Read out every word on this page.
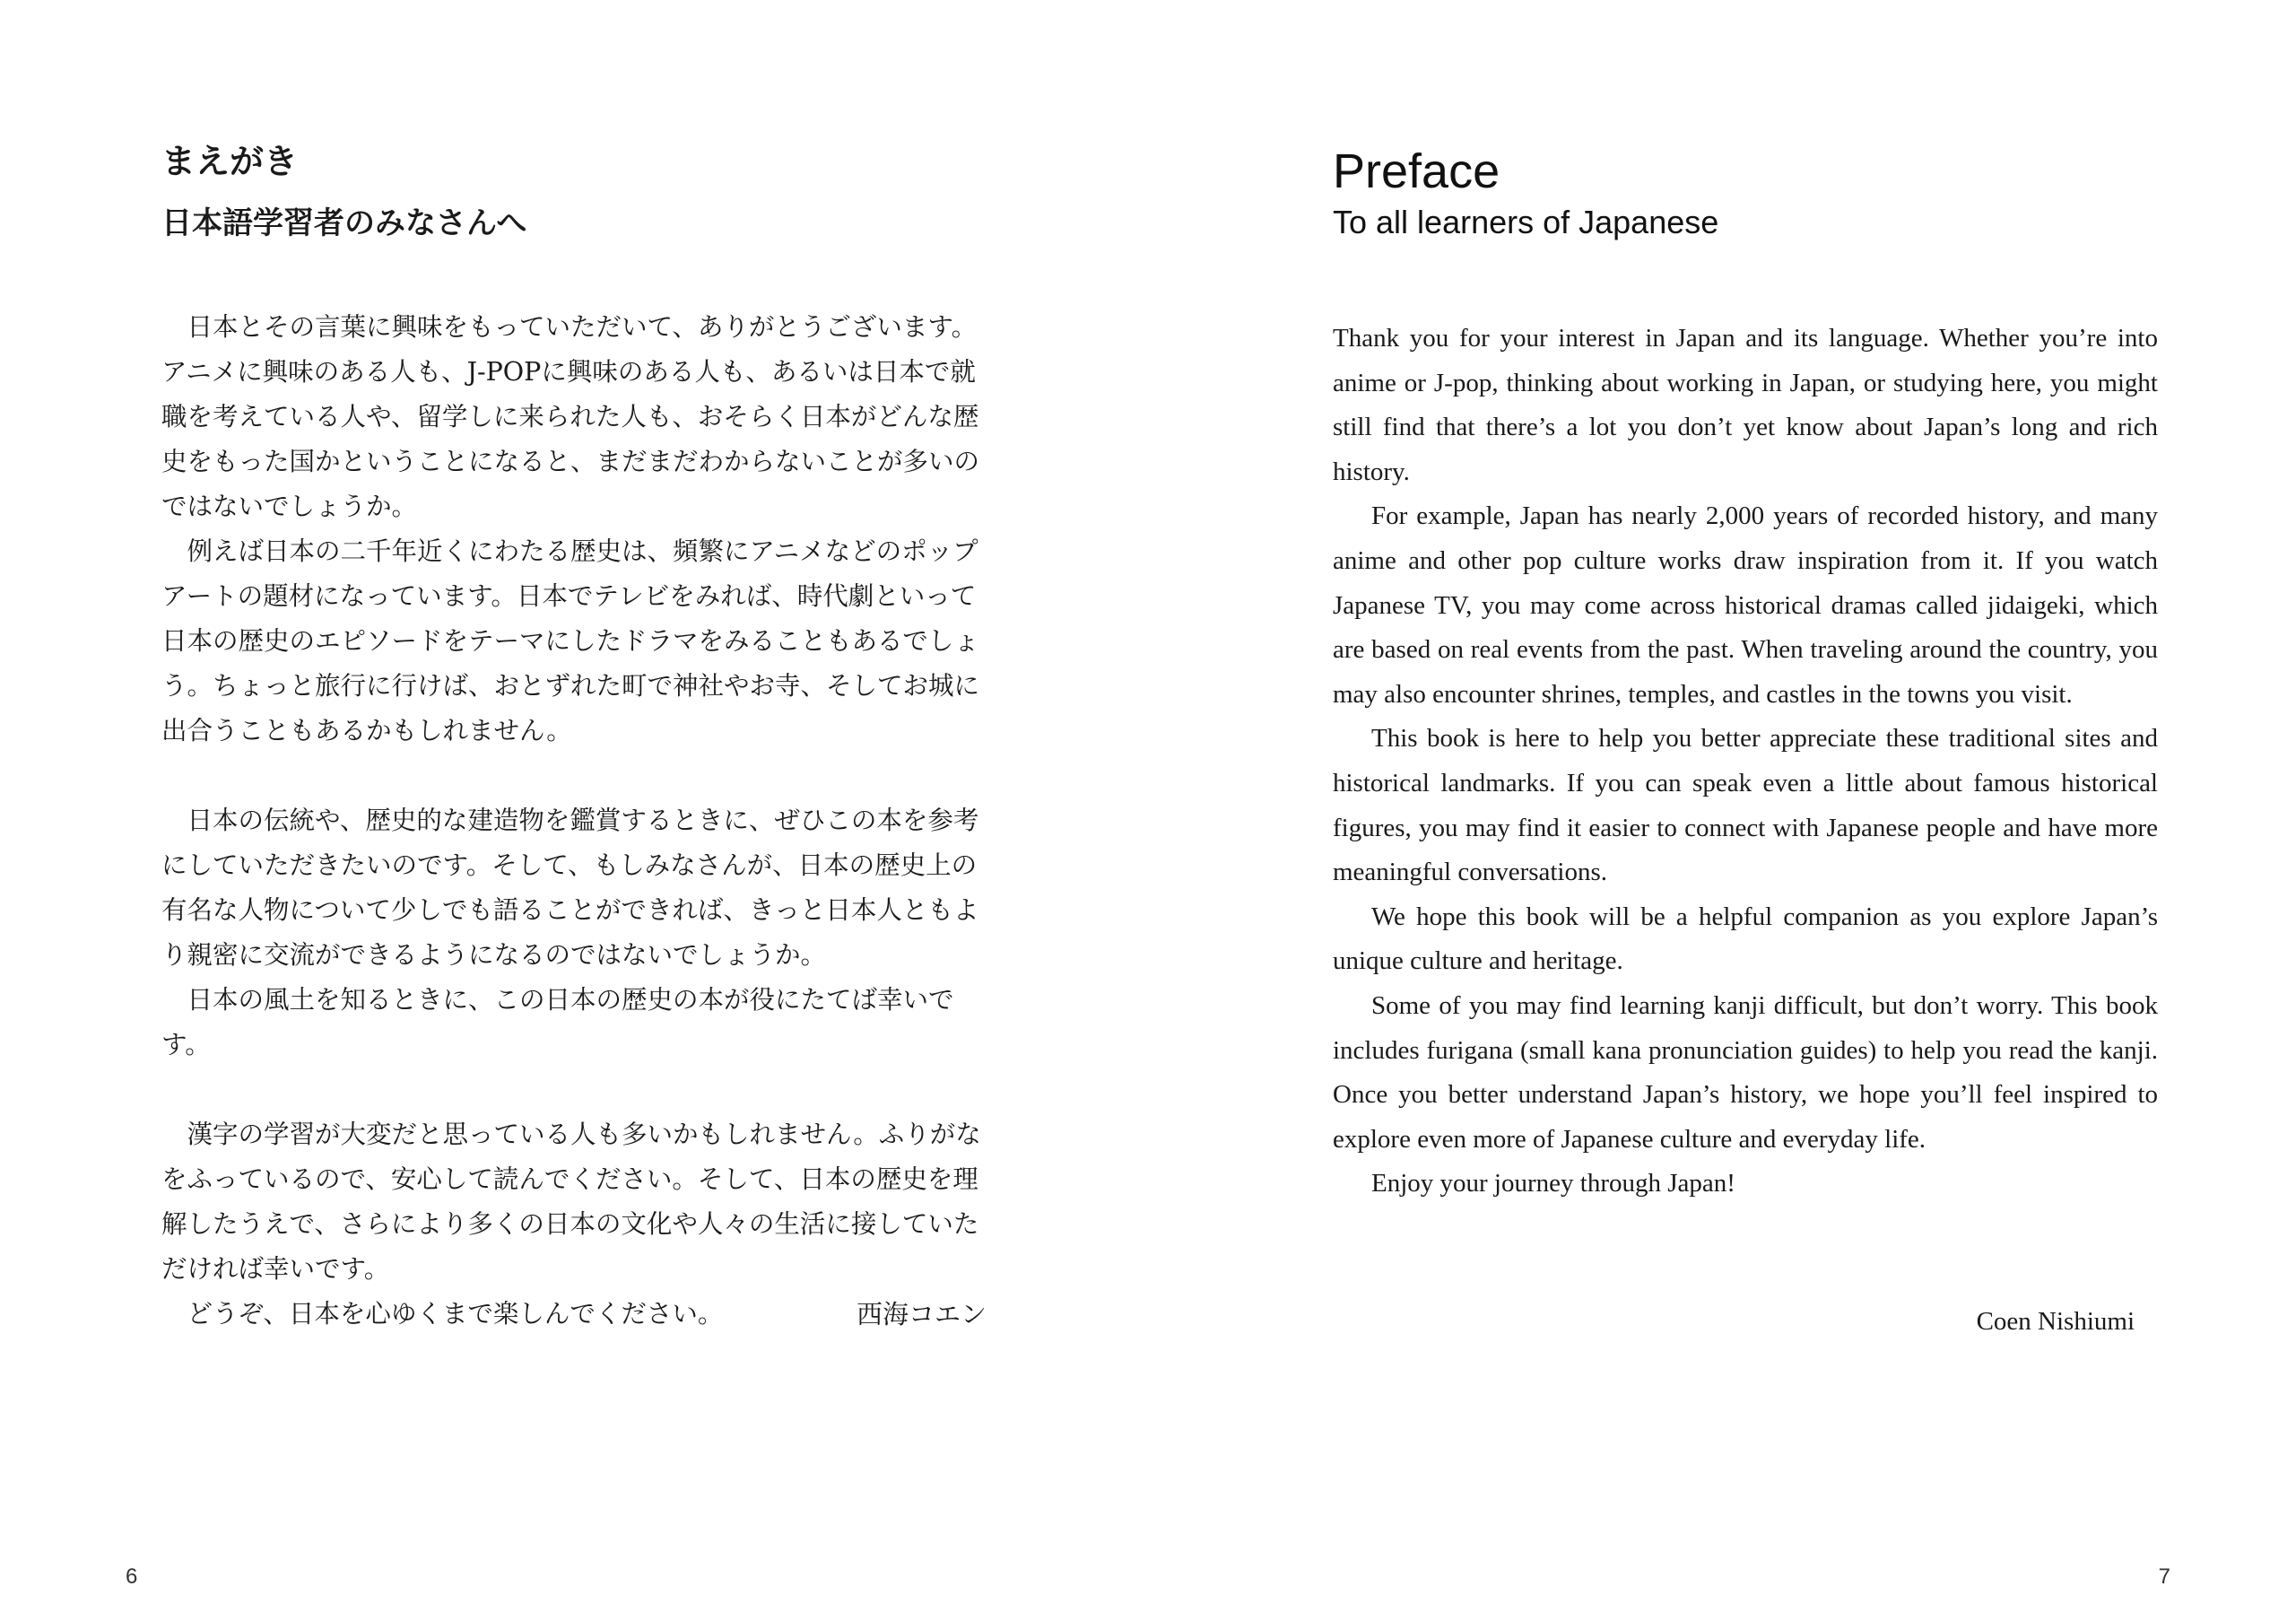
まえがき
日本語学習者のみなさんへ

日本とその言葉に興味をもっていただいて、ありがとうございます。アニメに興味のある人も、J-POPに興味のある人も、あるいは日本で就職を考えている人や、留学しに来られた人も、おそらく日本がどんな歴史をもった国かということになると、まだまだわからないことが多いのではないでしょうか。

例えば日本の二千年近くにわたる歴史は、頻繁にアニメなどのポップアートの題材になっています。日本でテレビをみれば、時代劇といって日本の歴史のエピソードをテーマにしたドラマをみることもあるでしょう。ちょっと旅行に行けば、おとずれた町で神社やお寺、そしてお城に出合うこともあるかもしれません。

日本の伝統や、歴史的な建造物を鑑賞するときに、ぜひこの本を参考にしていただきたいのです。そして、もしみなさんが、日本の歴史上の有名な人物について少しでも語ることができれば、きっと日本人ともより親密に交流ができるようになるのではないでしょうか。

日本の風土を知るときに、この日本の歴史の本が役にたてば幸いです。

漢字の学習が大変だと思っている人も多いかもしれません。ふりがなをふっているので、安心して読んでください。そして、日本の歴史を理解したうえで、さらにより多くの日本の文化や人々の生活に接していただければ幸いです。

どうぞ、日本を心ゆくまで楽しんでください。	西海コエン
6
Preface
To all learners of Japanese

Thank you for your interest in Japan and its language. Whether you’re into anime or J-pop, thinking about working in Japan, or studying here, you might still find that there’s a lot you don’t yet know about Japan’s long and rich history.

For example, Japan has nearly 2,000 years of recorded history, and many anime and other pop culture works draw inspiration from it. If you watch Japanese TV, you may come across historical dramas called jidaigeki, which are based on real events from the past. When traveling around the country, you may also encounter shrines, temples, and castles in the towns you visit.

This book is here to help you better appreciate these traditional sites and historical landmarks. If you can speak even a little about famous historical figures, you may find it easier to connect with Japanese people and have more meaningful conversations.

We hope this book will be a helpful companion as you explore Japan’s unique culture and heritage.

Some of you may find learning kanji difficult, but don’t worry. This book includes furigana (small kana pronunciation guides) to help you read the kanji. Once you better understand Japan’s history, we hope you’ll feel inspired to explore even more of Japanese culture and everyday life.

Enjoy your journey through Japan!

Coen Nishiumi
7
